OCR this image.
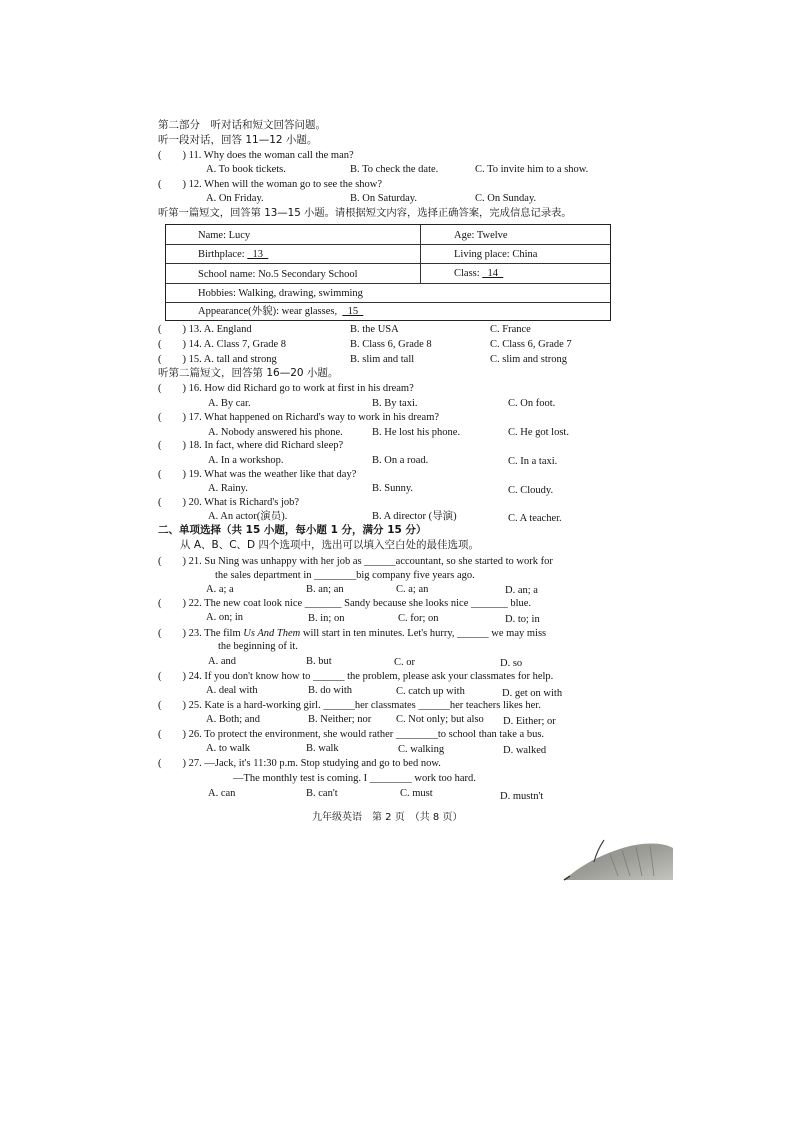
第二部分　听对话和短文回答问题。
听一段对话，回答 11—12 小题。
(        ) 11. Why does the woman call the man?
A. To book tickets.	B. To check the date.	C. To invite him to a show.
(        ) 12. When will the woman go to see the show?
A. On Friday.	B. On Saturday.	C. On Sunday.
听第一篇短文，回答第 13—15 小题。请根据短文内容，选择正确答案，完成信息记录表。
Name: Lucy	Age: Twelve
Birthplace:   13	Living place: China
School name: No.5 Secondary School	Class:   14
Hobbies: Walking, drawing, swimming
Appearance(外貌): wear glasses,    15
(        ) 13. A. England	B. the USA	C. France
(        ) 14. A. Class 7, Grade 8	B. Class 6, Grade 8	C. Class 6, Grade 7
(        ) 15. A. tall and strong	B. slim and tall	C. slim and strong
听第二篇短文，回答第 16—20 小题。
(        ) 16. How did Richard go to work at first in his dream?
A. By car.	B. By taxi.	C. On foot.
(        ) 17. What happened on Richard's way to work in his dream?
A. Nobody answered his phone.	B. He lost his phone.	C. He got lost.
(        ) 18. In fact, where did Richard sleep?
A. In a workshop.	B. On a road.	C. In a taxi.
(        ) 19. What was the weather like that day?
A. Rainy.	B. Sunny.	C. Cloudy.
(        ) 20. What is Richard's job?
A. An actor(演员).	B. A director (导演)	C. A teacher.
二、单项选择（共 15 小题，每小题 1 分，满分 15 分）
从 A、B、C、D 四个选项中，选出可以填入空白处的最佳选项。
(        ) 21. Su Ning was unhappy with her job as ______accountant, so she started to work for
the sales department in ________big company five years ago.
A. a; a	B. an; an	C. a; an	D. an; a
(        ) 22. The new coat look nice _______ Sandy because she looks nice _______ blue.
A. on; in	B. in; on	C. for; on	D. to; in
(        ) 23. The film Us And Them will start in ten minutes. Let's hurry, ______ we may miss
the beginning of it.
A. and	B. but	C. or	D. so
(        ) 24. If you don't know how to ______ the problem, please ask your classmates for help.
A. deal with	B. do with	C. catch up with	D. get on with
(        ) 25. Kate is a hard-working girl. ______her classmates ______her teachers likes her.
A. Both; and	B. Neither; nor C. Not only; but also D. Either; or
(        ) 26. To protect the environment, she would rather ________to school than take a bus.
A. to walk	B. walk	C. walking	D. walked
(        ) 27. —Jack, it's 11:30 p.m. Stop studying and go to bed now.
—The monthly test is coming. I ________ work too hard.
A. can	B. can't	C. must	D. mustn't
九年级英语　第 2 页　（共 8 页）
